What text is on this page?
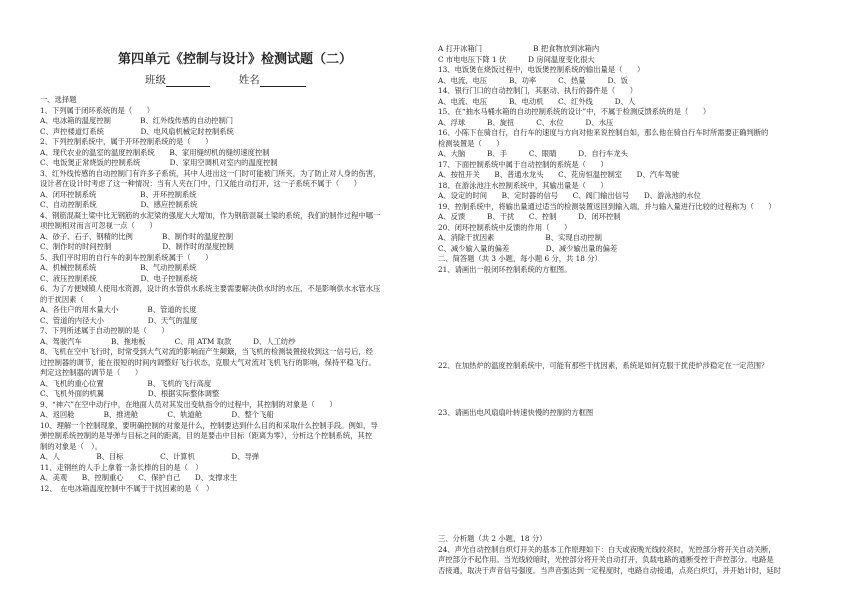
第四单元《控制与设计》检测试题（二）
班级	姓名
一、选择题
1、下列属于闭环系统的是（　　）
A、电冰箱的温度控制　　　　B、红外线传感的自动控制门
C、声控楼道灯系统　　　　　D、电风扇机械定时控制系统
2、下列控制系统中，属于开环控制系统的是（　　）
A、现代农业的温室的温度控制系统　　B、家用缝纫机的缝纫速度控制
C、电饭煲正常烧饭的控制系统　　　　D、家用空调机对室内的温度控制
3、红外线传感的自动控制门有许多子系统，其中人进出这一门时可能被门所夹，为了防止对人身的伤害，
设计者在设计时考虑了这一种情况：当有人夹在门中，门又能自动打开，这一子系统不属于（　　）
A、闭环控制系统　　　　　　B、开环控制系统
C、自动控制系统　　　　　　D、感应控制系统
4、钢筋混凝土梁中比无钢筋的水泥梁的强度大大增加，作为钢筋混凝土梁的系统，我们的制作过程中哪一
项控制相对而言可忽视一点（　　）
A、砂子、石子、钢精的比例　　　　B、制作时的温度控制
C、制作时的时间控制　　　　　　　D、制作时的湿度控制
5、我们平时用的自行车的刹车控制系统属于（　　）
A、机械控制系统　　　　　　B、气动控制系统
C、液压控制系统　　　　　　D、电子控制系统
6、为了方便城镇人使用水资源，设计的水管供水系统主要需要解决供水时的水压，不是影响供水水管水压
的干扰因素（　　）
A、各住户的用水量大小　　　　B、管道的长度
C、管道的内径大小　　　　　　D、天气的温度
7、下列所述属于自动控制的是（　　）
A、驾驶汽车　　　　B、拖地板　　　　C、用 ATM 取款　　　D、人工纺纱
8、飞机在空中飞行时，时常受到大气对流的影响而产生颠簸，当飞机的检测装置接收到这一信号后，经
过控制器的调节，能在很短的时间内调整好飞行状态，克服大气对流对飞机飞行的影响，保持平稳飞行。
判定这控制器的调节是（　　）
A、飞机的重心位置　　　　　　B、飞机的飞行高度
C、飞机外面的机翼　　　　　　D、根据实际整体调整
9、“神六”在空中动行中，在地面人员对其发出变轨指令的过程中，其控制的对象是（　　）
A、返回舱　　　　B、推进舱　　　　C、轨道舱　　　　D、整个飞船
10、理解一个控制现象，要明确控制的对象是什么，控制要达到什么目的和采取什么控制手段。例如，导
弹控制系统控制的是导弹与目标之间的距离，目的是要击中目标（距离为零），分析这个控制系统，其控
制的对象是（　）。
A、人　　　　　B、目标　　　　　C、计算机　　　　　D、导弹
11、走钢丝的人手上拿着一条长棒的目的是（　）
A、美观　　B、控制重心　　C、保护自己　　D、支撑求生
12、　在电冰箱温度控制中不属于干扰因素的是（　）
A 打开冰箱门　　　　　　　B 把食物放到冰箱内
C 市电电压下降 1 伏　　　D 房间温度变化很大
13、电饭煲在烧饭过程中，电饭煲控制系统的输出量是（　　）
A、电流、电压　　　B、功率　　　C、热量　　　D、饭
14、银行门口的自动控制门，其驱动、执行的器件是（　　）
A、电流、电压　　　B、电动机　　C、红外线　　　D、人
15、在“抽水马桶水箱的自动控制系统的设计”中，不属于检测反馈系统的是（　　）
A、浮球　　　B、旋扭　　　C、水位　　　D、水压
16、小陈下在骑自行，自行车的速度与方向对他来说控制自如，那么他在骑自行车时所需要正确判断的
检测装置是（　　）
A、大脑　　　B、手　　　C、眼睛　　　D、自行车龙头
17、下面控制系统中属于自动控制的系统是（　　）
A、按扭开关　　B、普通水龙头　　C、花房恒温控制室　　D、汽车驾驶
18、在游泳池注水控制系统中，其输出量是（　　）
A、设定的时间　　B、定时器的信号　　C、阀门输出信号　　D、游泳池的水位
19、控制系统中，将输出量通过适当的检测装置返回到输入端，并与输入量进行比较的过程称为（　　）
A、反馈　　　B、干扰　　C、控制　　　D、闭环控制
20、闭环控制系统中反馈的作用（　　）
A、消除干扰因素　　　　　　　B、实现自动控制
C、减少输入量的偏差　　　　　D、减少输出量的偏差
二、简答题（共 3 小题，每小题 6 分，共 18 分）
21、请画出一般闭环控制系统的方框图。
22、在加热炉的温度控制系统中，可能有那些干扰因素，系统是如何克服干扰使炉涉稳定在一定范围？
23、请画出电风扇扇叶转速快慢的控制的方框图
三、分析题（共 2 小题，18 分）
24、声光自动控制自炽灯开关的基本工作原理如下：白天或夜晚光线较亮时，光控部分将开关自动关断，
声控部分不起作用。当光线较暗时，光控部分将开关自动打开，负载电路的通断受控于声控部分。电路是
否接通，取决于声音信号强度。当声音强达到一定程度时，电路自动接通，点亮白炽灯，并开始计时，延时
